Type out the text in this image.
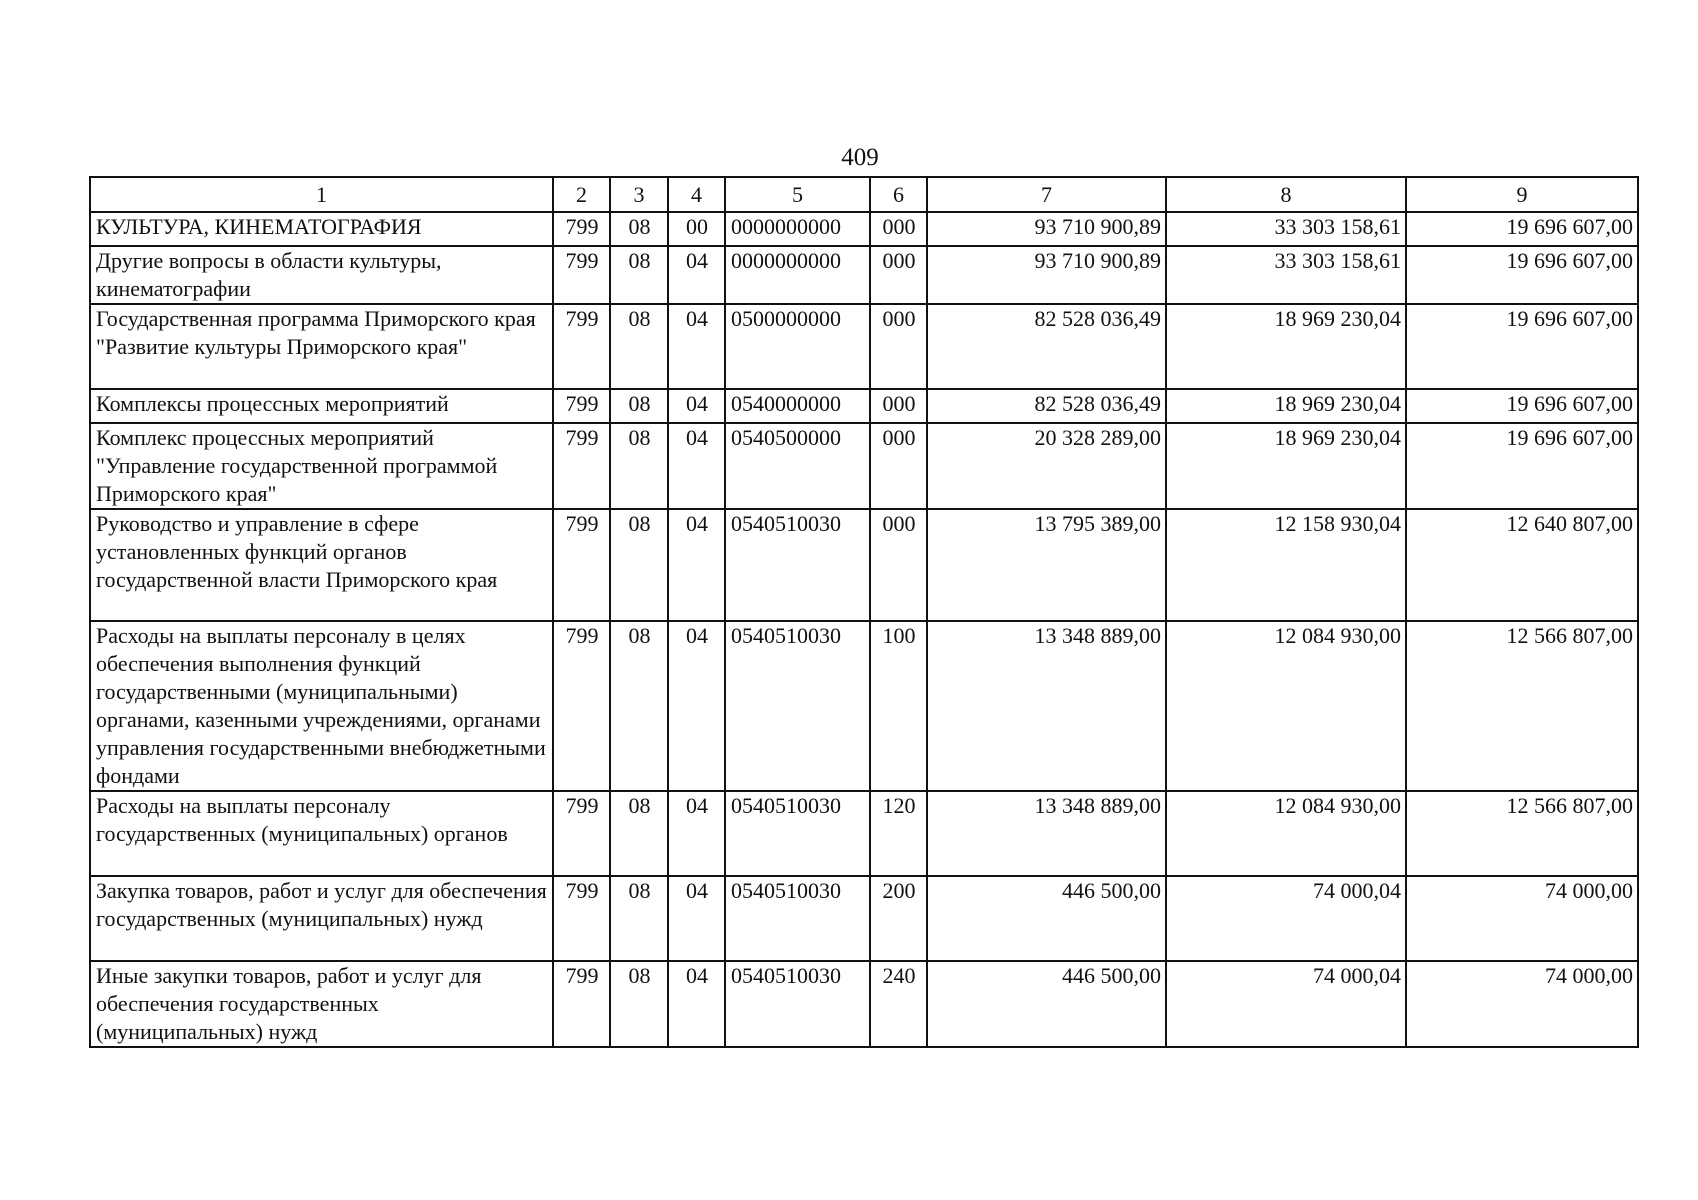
409
1	2	3	4	5	6	7	8	9
КУЛЬТУРА, КИНЕМАТОГРАФИЯ	799	08	00	0000000000	000	93 710 900,89	33 303 158,61	19 696 607,00
Другие вопросы в области культуры, кинематографии	799	08	04	0000000000	000	93 710 900,89	33 303 158,61	19 696 607,00
Государственная программа Приморского края "Развитие культуры Приморского края"	799	08	04	0500000000	000	82 528 036,49	18 969 230,04	19 696 607,00
Комплексы процессных мероприятий	799	08	04	0540000000	000	82 528 036,49	18 969 230,04	19 696 607,00
Комплекс процессных мероприятий "Управление государственной программой Приморского края"	799	08	04	0540500000	000	20 328 289,00	18 969 230,04	19 696 607,00
Руководство и управление в сфере установленных функций органов государственной власти Приморского края	799	08	04	0540510030	000	13 795 389,00	12 158 930,04	12 640 807,00
Расходы на выплаты персоналу в целях обеспечения выполнения функций государственными (муниципальными) органами, казенными учреждениями, органами управления государственными внебюджетными фондами	799	08	04	0540510030	100	13 348 889,00	12 084 930,00	12 566 807,00
Расходы на выплаты персоналу государственных (муниципальных) органов	799	08	04	0540510030	120	13 348 889,00	12 084 930,00	12 566 807,00
Закупка товаров, работ и услуг для обеспечения государственных (муниципальных) нужд	799	08	04	0540510030	200	446 500,00	74 000,04	74 000,00
Иные закупки товаров, работ и услуг для обеспечения государственных (муниципальных) нужд	799	08	04	0540510030	240	446 500,00	74 000,04	74 000,00
